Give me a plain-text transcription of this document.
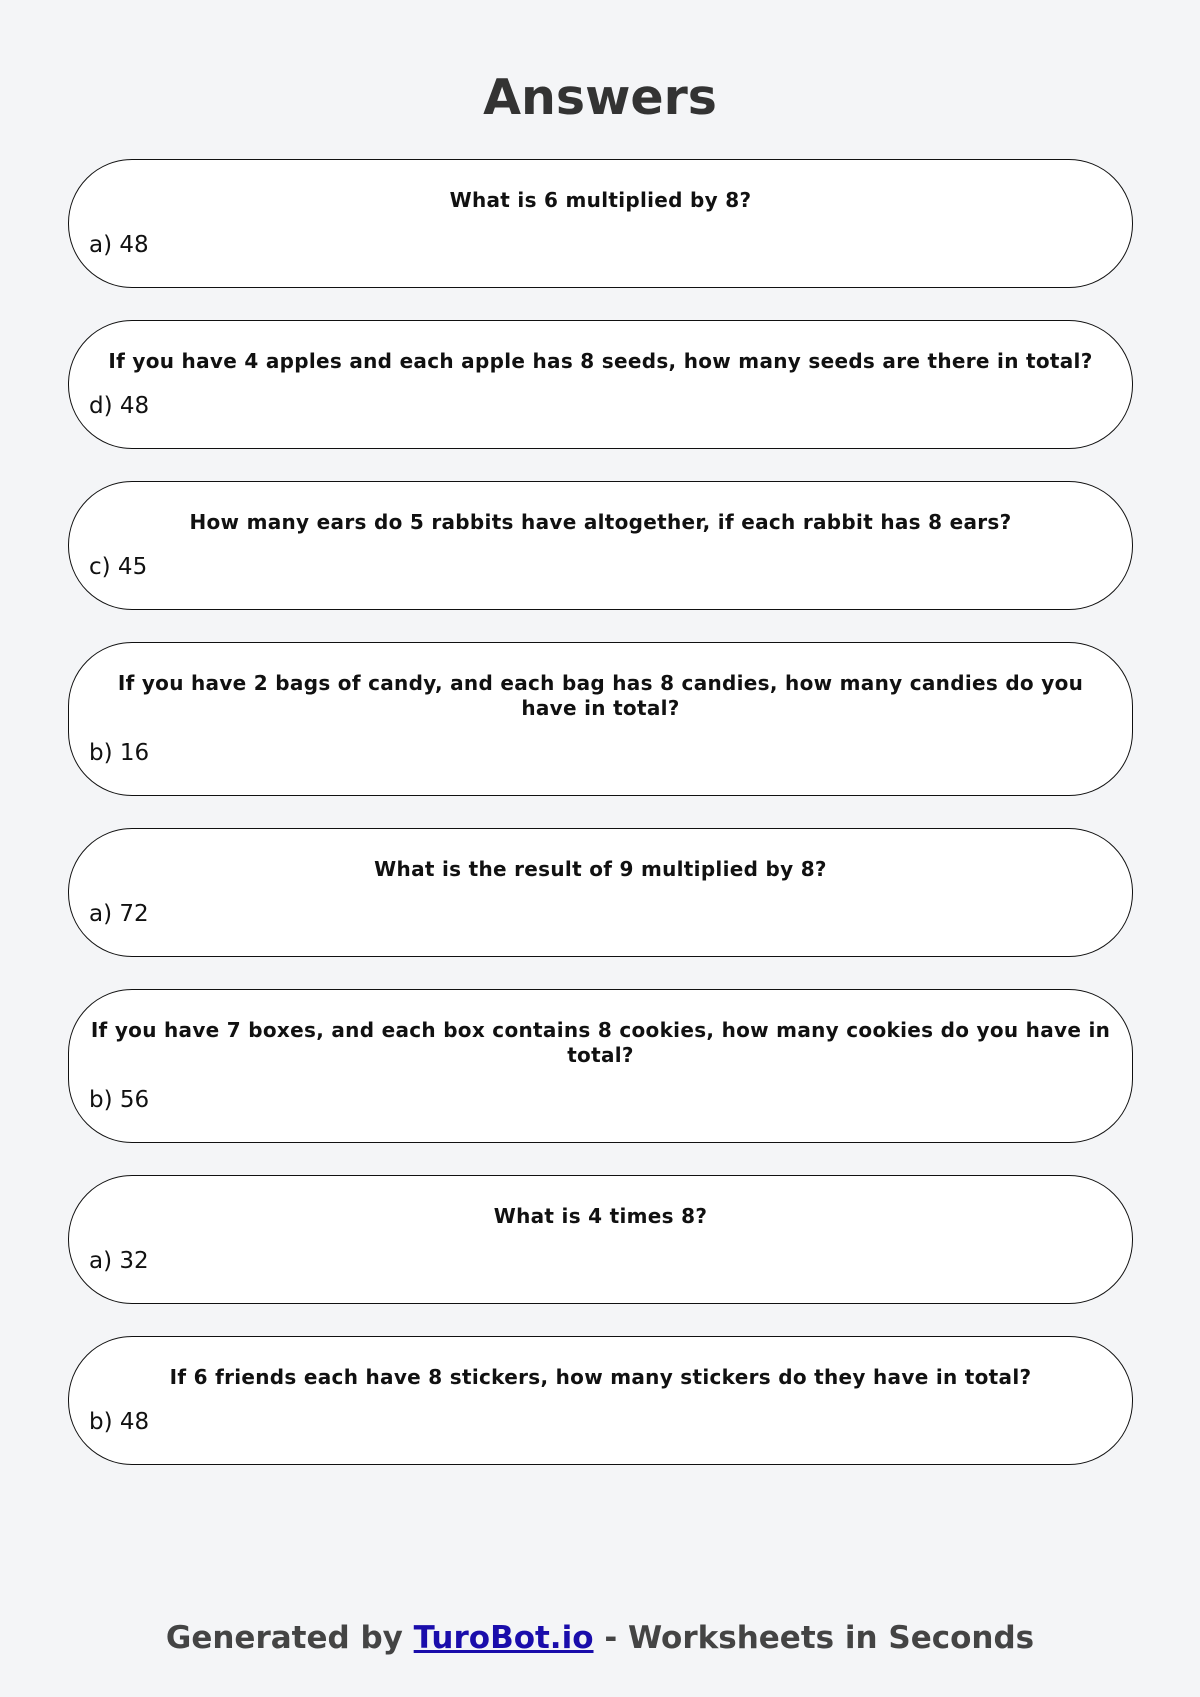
Answers
What is 6 multiplied by 8?
a) 48
If you have 4 apples and each apple has 8 seeds, how many seeds are there in total?
d) 48
How many ears do 5 rabbits have altogether, if each rabbit has 8 ears?
c) 45
If you have 2 bags of candy, and each bag has 8 candies, how many candies do you have in total?
b) 16
What is the result of 9 multiplied by 8?
a) 72
If you have 7 boxes, and each box contains 8 cookies, how many cookies do you have in total?
b) 56
What is 4 times 8?
a) 32
If 6 friends each have 8 stickers, how many stickers do they have in total?
b) 48
Generated by TuroBot.io - Worksheets in Seconds
